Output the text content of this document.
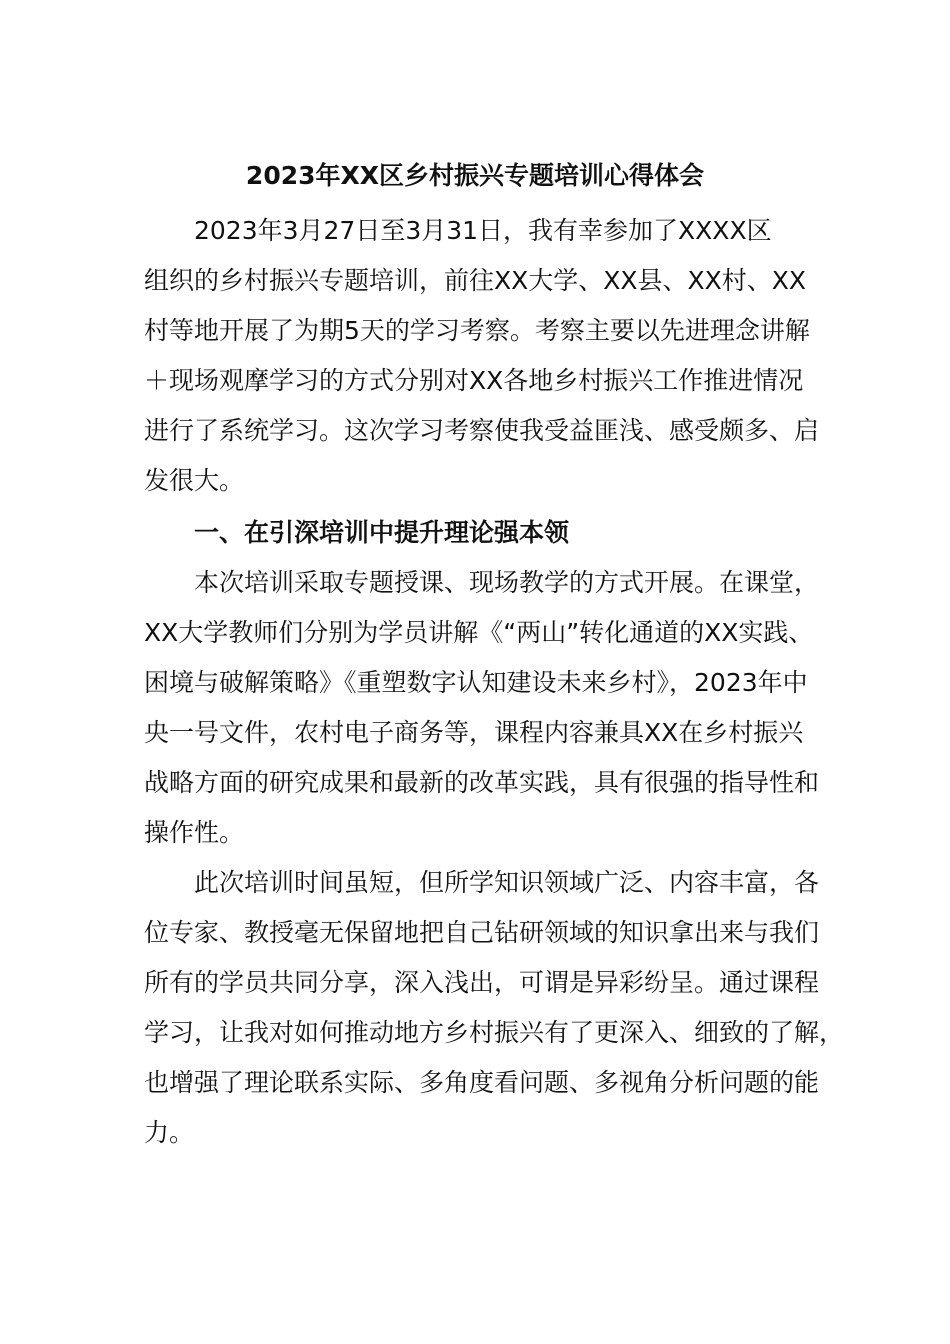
2023年XX区乡村振兴专题培训心得体会
2023年3月27日至3月31日，我有幸参加了XXXX区
组织的乡村振兴专题培训，前往XX大学、XX县、XX村、XX
村等地开展了为期5天的学习考察。考察主要以先进理念讲解
＋现场观摩学习的方式分别对XX各地乡村振兴工作推进情况
进行了系统学习。这次学习考察使我受益匪浅、感受颇多、启
发很大。
一、在引深培训中提升理论强本领
本次培训采取专题授课、现场教学的方式开展。在课堂，
XX大学教师们分别为学员讲解《“两山”转化通道的XX实践、
困境与破解策略》《重塑数字认知建设未来乡村》，2023年中
央一号文件，农村电子商务等，课程内容兼具XX在乡村振兴
战略方面的研究成果和最新的改革实践，具有很强的指导性和
操作性。
此次培训时间虽短，但所学知识领域广泛、内容丰富，各
位专家、教授毫无保留地把自己钻研领域的知识拿出来与我们
所有的学员共同分享，深入浅出，可谓是异彩纷呈。通过课程
学习，让我对如何推动地方乡村振兴有了更深入、细致的了解，
也增强了理论联系实际、多角度看问题、多视角分析问题的能
力。
